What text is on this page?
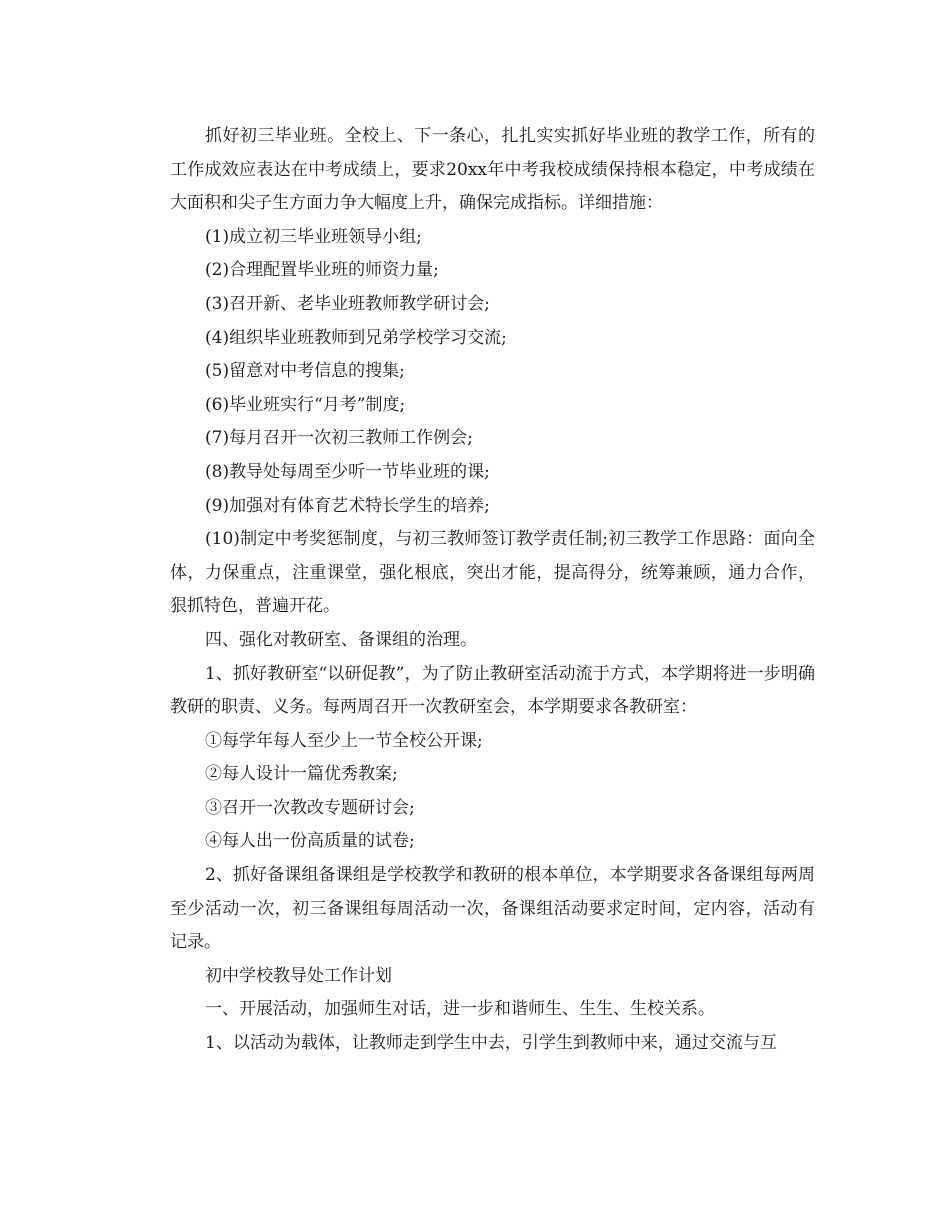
抓好初三毕业班。全校上、下一条心，扎扎实实抓好毕业班的教学工作，所有的工作成效应表达在中考成绩上，要求20xx年中考我校成绩保持根本稳定，中考成绩在大面积和尖子生方面力争大幅度上升，确保完成指标。详细措施：

(1)成立初三毕业班领导小组;

(2)合理配置毕业班的师资力量;

(3)召开新、老毕业班教师教学研讨会;

(4)组织毕业班教师到兄弟学校学习交流;

(5)留意对中考信息的搜集;

(6)毕业班实行“月考”制度;

(7)每月召开一次初三教师工作例会;

(8)教导处每周至少听一节毕业班的课;

(9)加强对有体育艺术特长学生的培养;

(10)制定中考奖惩制度，与初三教师签订教学责任制;初三教学工作思路：面向全体，力保重点，注重课堂，强化根底，突出才能，提高得分，统筹兼顾，通力合作，狠抓特色，普遍开花。

四、强化对教研室、备课组的治理。

1、抓好教研室“以研促教”，为了防止教研室活动流于方式，本学期将进一步明确教研的职责、义务。每两周召开一次教研室会，本学期要求各教研室：

①每学年每人至少上一节全校公开课;

②每人设计一篇优秀教案;

③召开一次教改专题研讨会;

④每人出一份高质量的试卷;

2、抓好备课组备课组是学校教学和教研的根本单位，本学期要求各备课组每两周至少活动一次，初三备课组每周活动一次，备课组活动要求定时间，定内容，活动有记录。

初中学校教导处工作计划

一、开展活动，加强师生对话，进一步和谐师生、生生、生校关系。

1、以活动为载体，让教师走到学生中去，引学生到教师中来，通过交流与互
